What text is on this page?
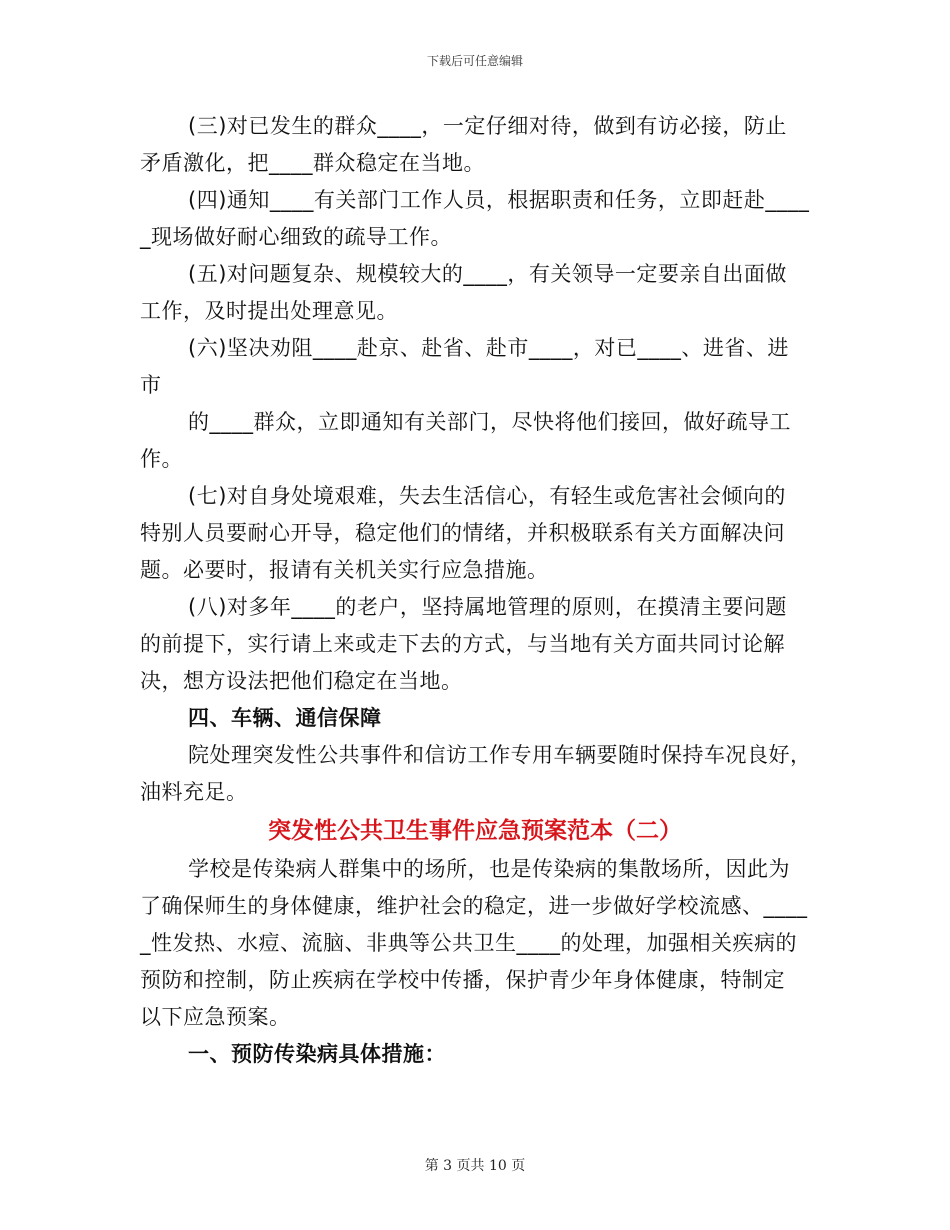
下载后可任意编辑
(三)对已发生的群众____，一定仔细对待，做到有访必接，防止
矛盾激化，把____群众稳定在当地。
(四)通知____有关部门工作人员，根据职责和任务，立即赶赴____
_现场做好耐心细致的疏导工作。
(五)对问题复杂、规模较大的____，有关领导一定要亲自出面做
工作，及时提出处理意见。
(六)坚决劝阻____赴京、赴省、赴市____，对已____、进省、进
市
的____群众，立即通知有关部门，尽快将他们接回，做好疏导工
作。
(七)对自身处境艰难，失去生活信心，有轻生或危害社会倾向的
特别人员要耐心开导，稳定他们的情绪，并积极联系有关方面解决问
题。必要时，报请有关机关实行应急措施。
(八)对多年____的老户，坚持属地管理的原则，在摸清主要问题
的前提下，实行请上来或走下去的方式，与当地有关方面共同讨论解
决，想方设法把他们稳定在当地。
四、车辆、通信保障
院处理突发性公共事件和信访工作专用车辆要随时保持车况良好，
油料充足。
突发性公共卫生事件应急预案范本（二）
学校是传染病人群集中的场所，也是传染病的集散场所，因此为
了确保师生的身体健康，维护社会的稳定，进一步做好学校流感、____
_性发热、水痘、流脑、非典等公共卫生____的处理，加强相关疾病的
预防和控制，防止疾病在学校中传播，保护青少年身体健康，特制定
以下应急预案。
一、预防传染病具体措施：
第 3 页共 10 页
